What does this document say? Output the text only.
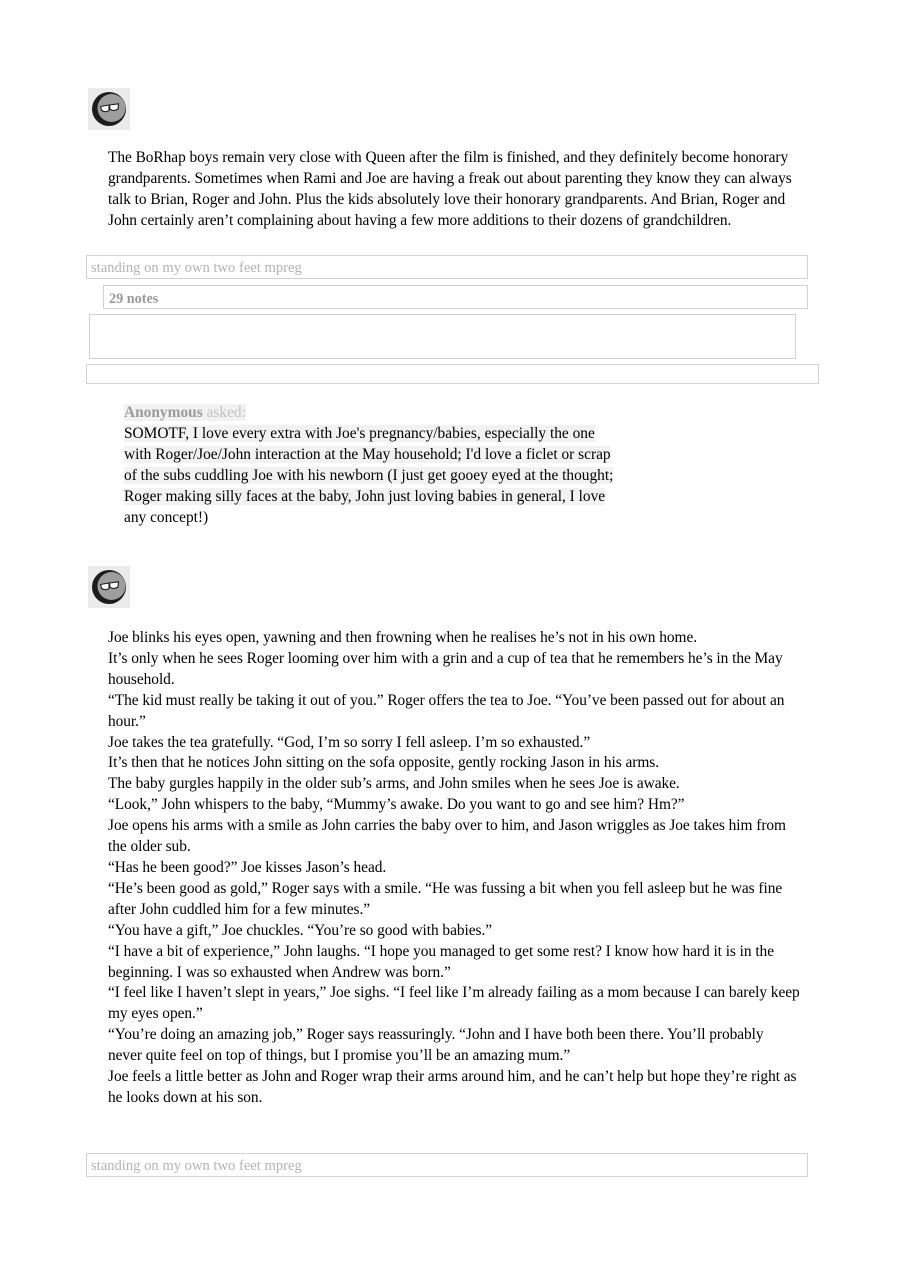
The BoRhap boys remain very close with Queen after the film is finished, and they definitely become honorary grandparents. Sometimes when Rami and Joe are having a freak out about parenting they know they can always talk to Brian, Roger and John. Plus the kids absolutely love their honorary grandparents. And Brian, Roger and John certainly aren’t complaining about having a few more additions to their dozens of grandchildren.

standing on my own two feet mpreg
29 notes
Anonymous asked:
SOMOTF, I love every extra with Joe's pregnancy/babies, especially the one
with Roger/Joe/John interaction at the May household; I'd love a ficlet or scrap
of the subs cuddling Joe with his newborn (I just get gooey eyed at the thought;
Roger making silly faces at the baby, John just loving babies in general, I love
any concept!)

Joe blinks his eyes open, yawning and then frowning when he realises he’s not in his own home.

It’s only when he sees Roger looming over him with a grin and a cup of tea that he remembers he’s in the May household.

“The kid must really be taking it out of you.” Roger offers the tea to Joe. “You’ve been passed out for about an hour.”

Joe takes the tea gratefully. “God, I’m so sorry I fell asleep. I’m so exhausted.”

It’s then that he notices John sitting on the sofa opposite, gently rocking Jason in his arms.

The baby gurgles happily in the older sub’s arms, and John smiles when he sees Joe is awake.

“Look,” John whispers to the baby, “Mummy’s awake. Do you want to go and see him? Hm?”

Joe opens his arms with a smile as John carries the baby over to him, and Jason wriggles as Joe takes him from the older sub.

“Has he been good?” Joe kisses Jason’s head.

“He’s been good as gold,” Roger says with a smile. “He was fussing a bit when you fell asleep but he was fine after John cuddled him for a few minutes.”

“You have a gift,” Joe chuckles. “You’re so good with babies.”

“I have a bit of experience,” John laughs. “I hope you managed to get some rest? I know how hard it is in the beginning. I was so exhausted when Andrew was born.”

“I feel like I haven’t slept in years,” Joe sighs. “I feel like I’m already failing as a mom because I can barely keep my eyes open.”

“You’re doing an amazing job,” Roger says reassuringly. “John and I have both been there. You’ll probably never quite feel on top of things, but I promise you’ll be an amazing mum.”

Joe feels a little better as John and Roger wrap their arms around him, and he can’t help but hope they’re right as he looks down at his son.

standing on my own two feet mpreg
